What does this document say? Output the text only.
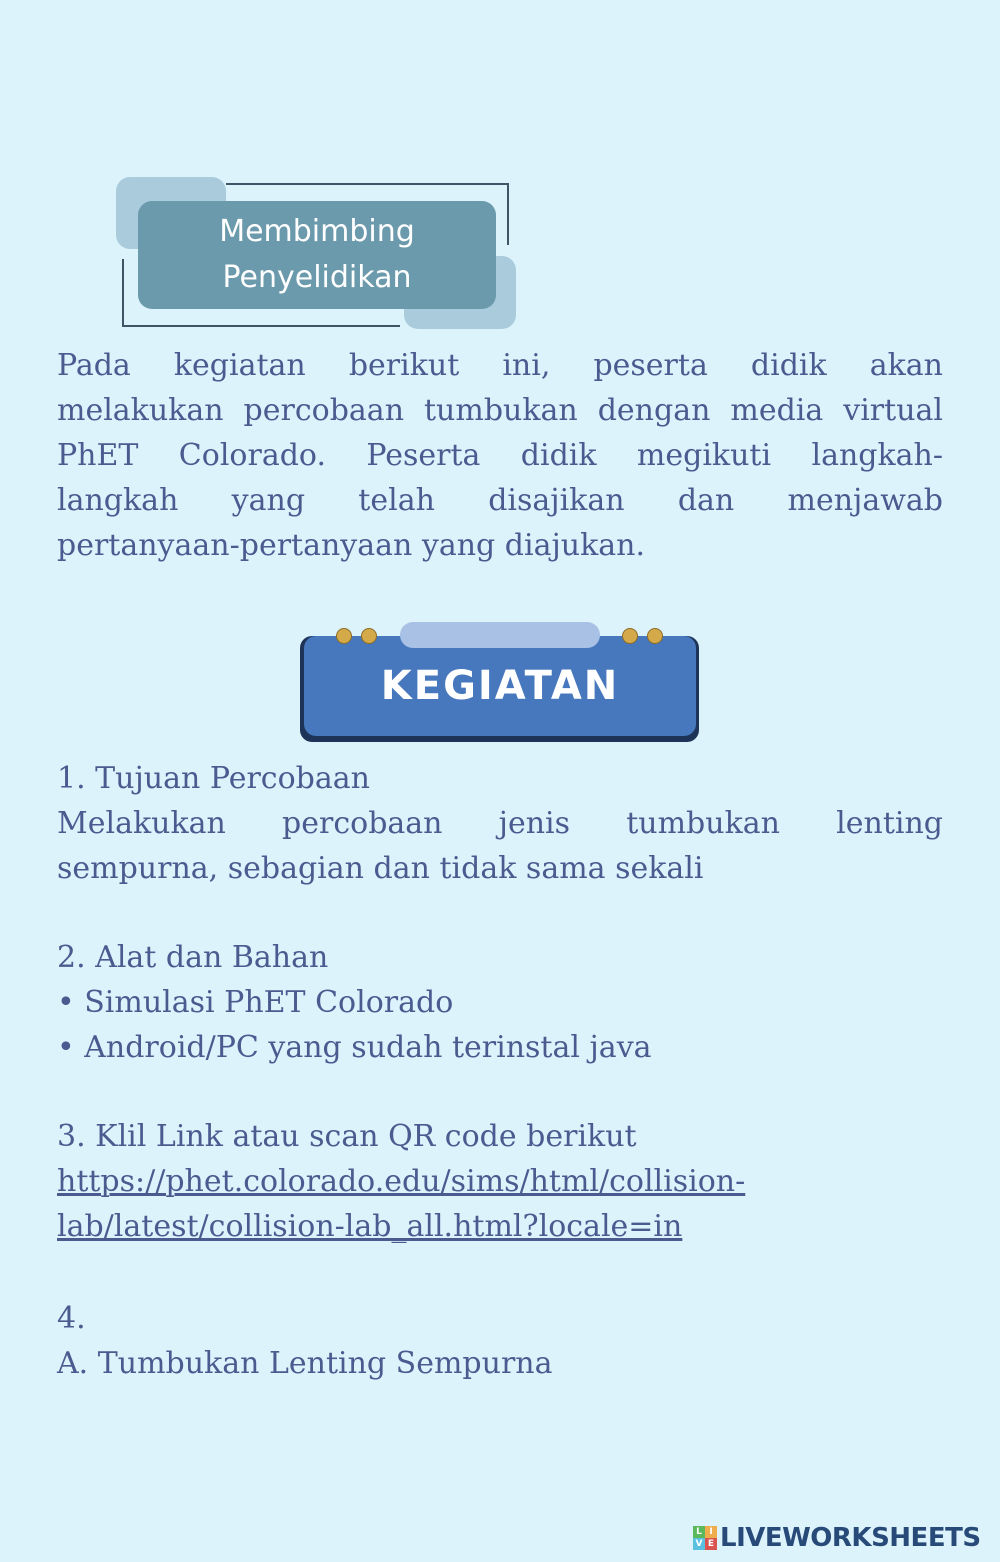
Membimbing
Penyelidikan
Pada kegiatan berikut ini, peserta didik akan
melakukan percobaan tumbukan dengan media virtual
PhET Colorado. Peserta didik megikuti langkah-
langkah yang telah disajikan dan menjawab
pertanyaan-pertanyaan yang diajukan.
KEGIATAN
1. Tujuan Percobaan
Melakukan percobaan jenis tumbukan lenting
sempurna, sebagian dan tidak sama sekali
2. Alat dan Bahan
• Simulasi PhET Colorado
• Android/PC yang sudah terinstal java
3. Klil Link atau scan QR code berikut
https://phet.colorado.edu/sims/html/collision-
lab/latest/collision-lab_all.html?locale=in
4.
A. Tumbukan Lenting Sempurna
L I
V E LIVEWORKSHEETS
